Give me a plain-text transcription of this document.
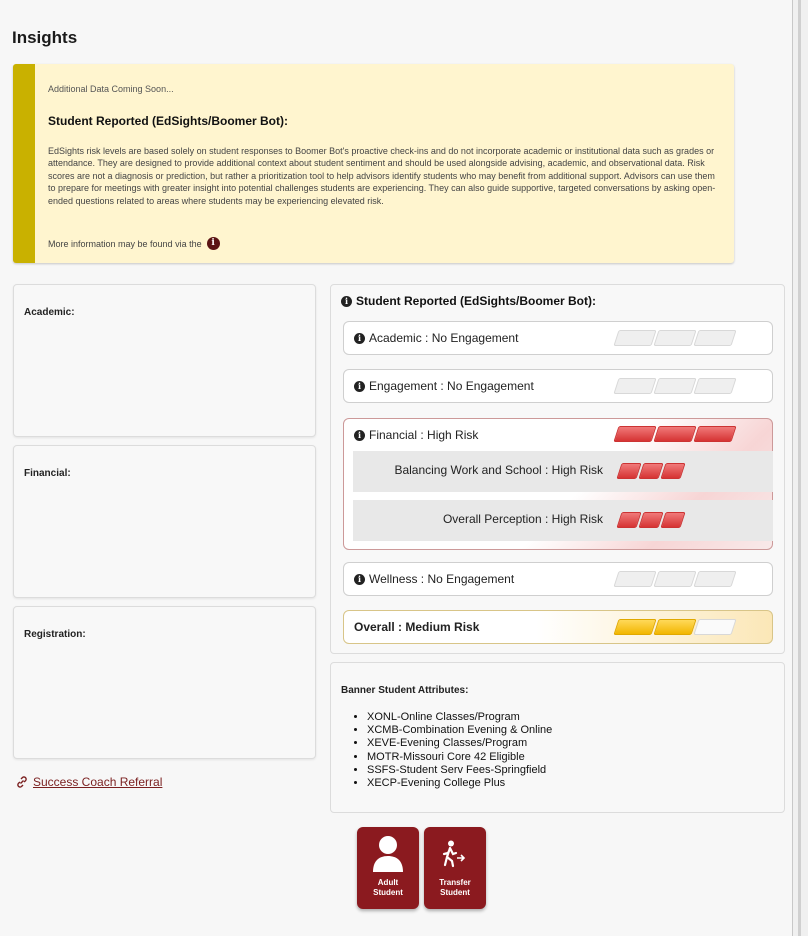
Insights
Additional Data Coming Soon...
Student Reported (EdSights/Boomer Bot):
EdSights risk levels are based solely on student responses to Boomer Bot's proactive check-ins and do not incorporate academic or institutional data such as grades or attendance. They are designed to provide additional context about student sentiment and should be used alongside advising, academic, and observational data. Risk scores are not a diagnosis or prediction, but rather a prioritization tool to help advisors identify students who may benefit from additional support. Advisors can use them to prepare for meetings with greater insight into potential challenges students are experiencing. They can also guide supportive, targeted conversations by asking open-ended questions related to areas where students may be experiencing elevated risk.
More information may be found via the	i
Academic:
Financial:
Registration:
Success Coach Referral
i Student Reported (EdSights/Boomer Bot):
i Academic : No Engagement
i Engagement : No Engagement
i Financial : High Risk
Balancing Work and School : High Risk
Overall Perception : High Risk
i Wellness : No Engagement
Overall : Medium Risk
Banner Student Attributes:
• XONL-Online Classes/Program
• XCMB-Combination Evening & Online
• XEVE-Evening Classes/Program
• MOTR-Missouri Core 42 Eligible
• SSFS-Student Serv Fees-Springfield
• XECP-Evening College Plus
Adult
Student
Transfer
Student
